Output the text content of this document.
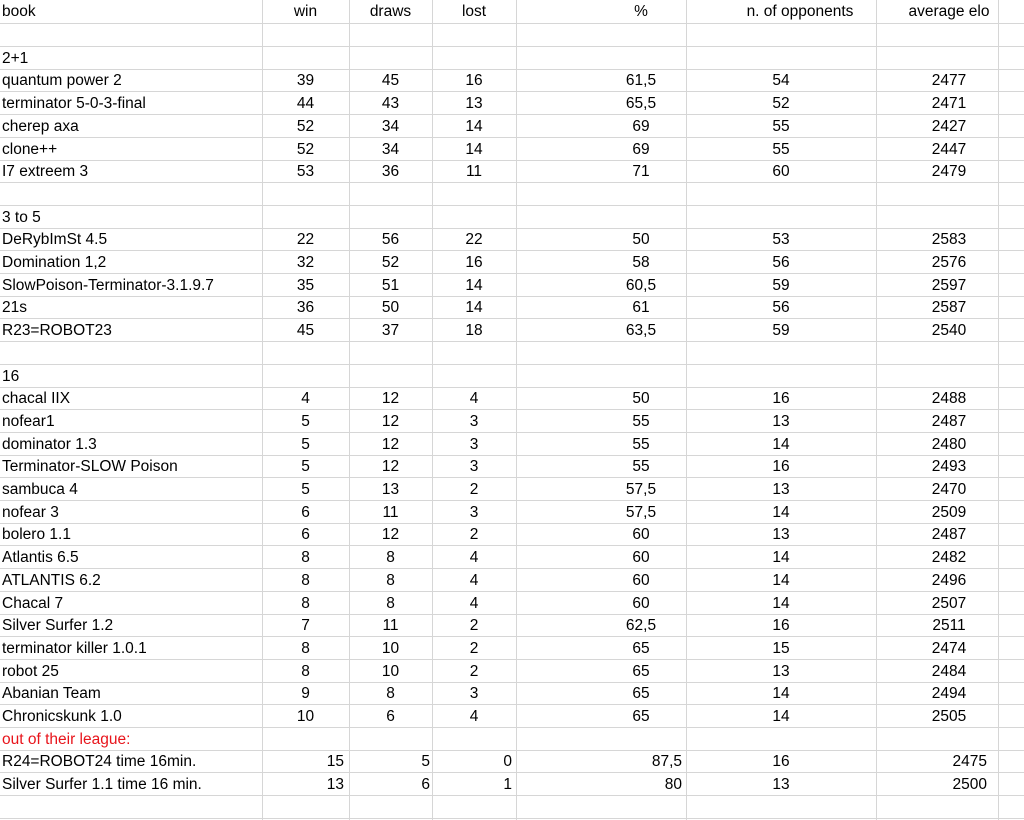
book	win	draws	lost	%	n. of opponents	average elo
2+1
quantum power 2	39	45	16	61,5	54	2477
terminator 5-0-3-final	44	43	13	65,5	52	2471
cherep axa	52	34	14	69	55	2427
clone++	52	34	14	69	55	2447
I7 extreem 3	53	36	11	71	60	2479
3 to 5
DeRybImSt 4.5	22	56	22	50	53	2583
Domination 1,2	32	52	16	58	56	2576
SlowPoison-Terminator-3.1.9.7	35	51	14	60,5	59	2597
21s	36	50	14	61	56	2587
R23=ROBOT23	45	37	18	63,5	59	2540
16
chacal IIX	4	12	4	50	16	2488
nofear1	5	12	3	55	13	2487
dominator 1.3	5	12	3	55	14	2480
Terminator-SLOW Poison	5	12	3	55	16	2493
sambuca 4	5	13	2	57,5	13	2470
nofear 3	6	11	3	57,5	14	2509
bolero 1.1	6	12	2	60	13	2487
Atlantis 6.5	8	8	4	60	14	2482
ATLANTIS 6.2	8	8	4	60	14	2496
Chacal 7	8	8	4	60	14	2507
Silver Surfer 1.2	7	11	2	62,5	16	2511
terminator killer 1.0.1	8	10	2	65	15	2474
robot 25	8	10	2	65	13	2484
Abanian Team	9	8	3	65	14	2494
Chronicskunk 1.0	10	6	4	65	14	2505
out of their league:
R24=ROBOT24 time 16min.	15	5	0	87,5	16	2475
Silver Surfer 1.1 time 16 min.	13	6	1	80	13	2500
